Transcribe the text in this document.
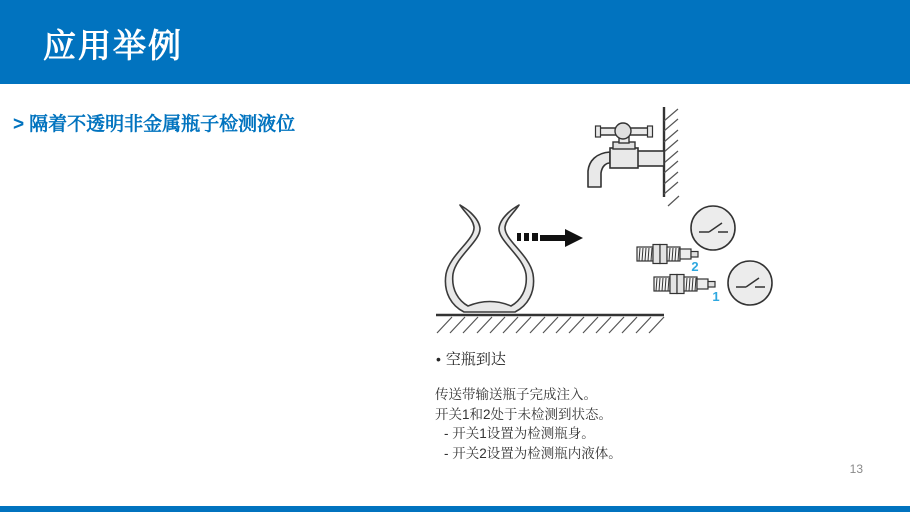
应用举例
> 隔着不透明非金属瓶子检测液位
2
1
• 空瓶到达
传送带输送瓶子完成注入。
开关1和2处于未检测到状态。
- 开关1设置为检测瓶身。
- 开关2设置为检测瓶内液体。
13
